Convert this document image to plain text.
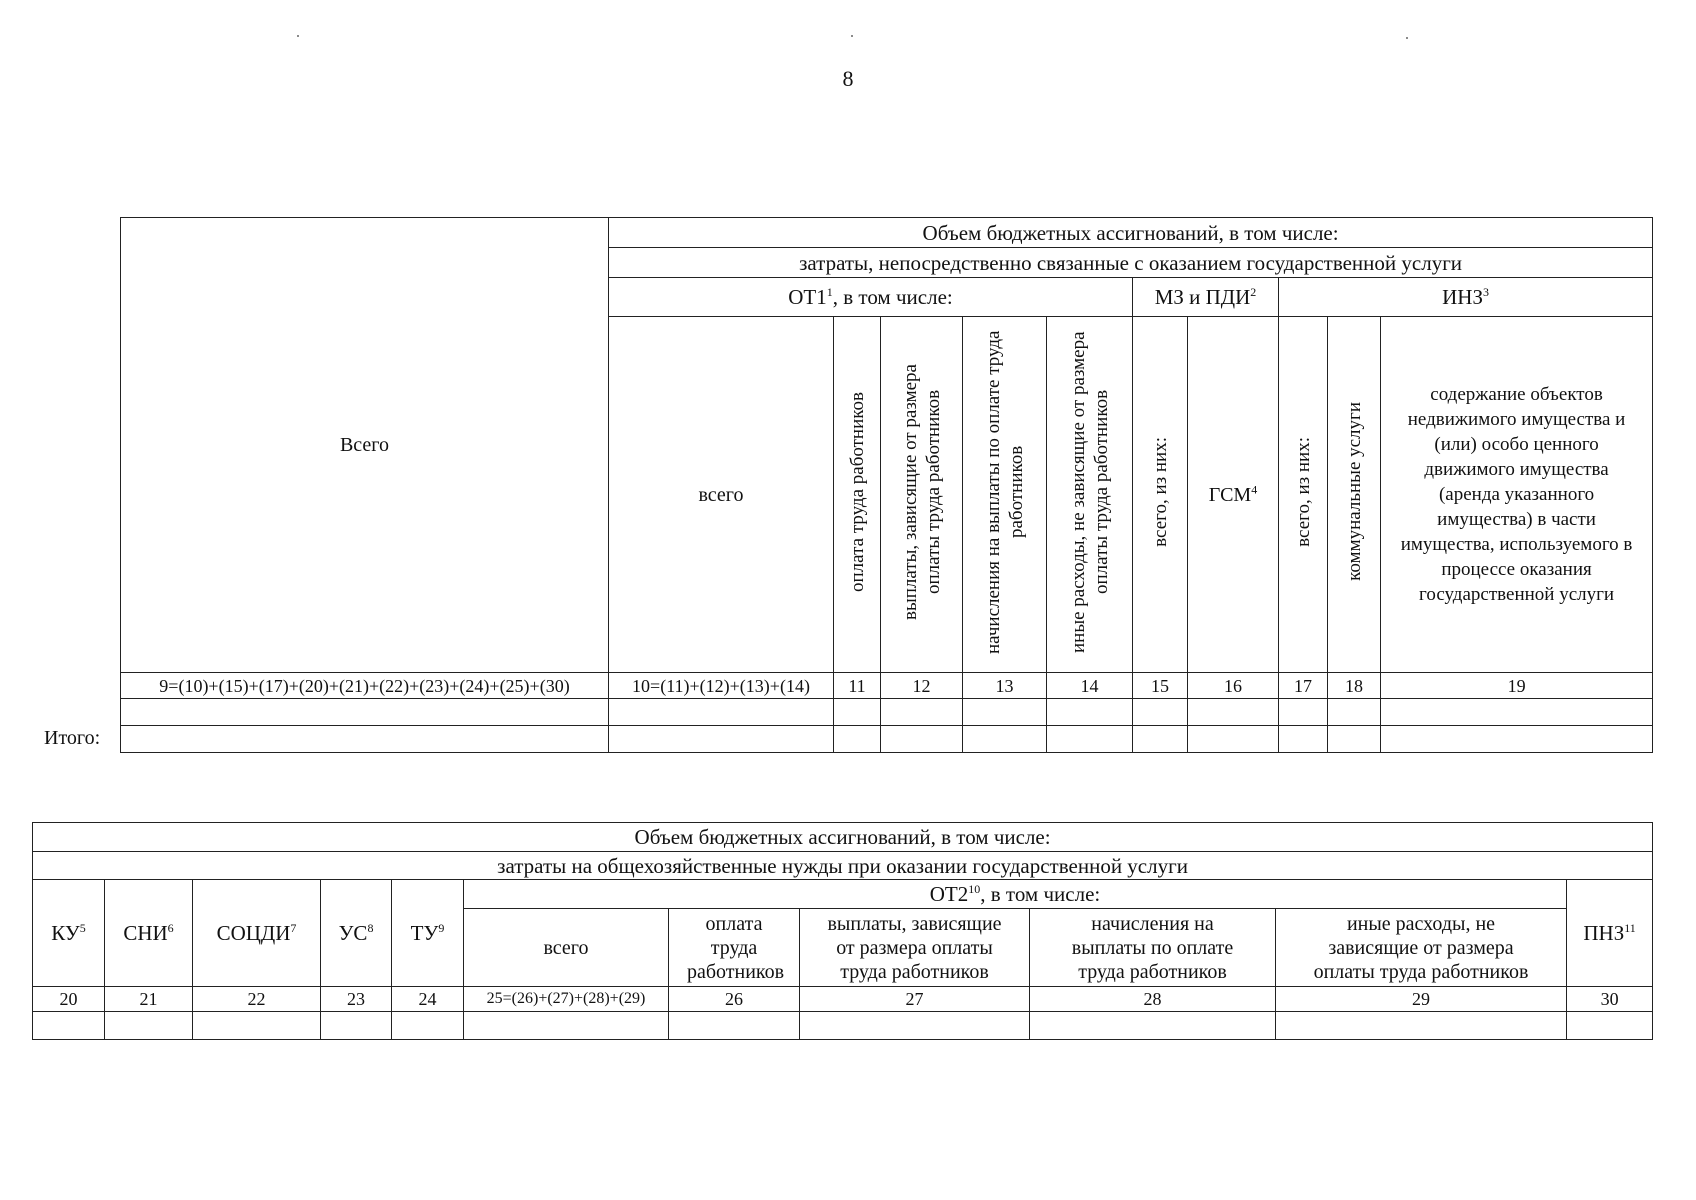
8
Всего	Объем бюджетных ассигнований, в том числе:									
	затраты, непосредственно связанные с оказанием государственной услуги									
	$ОТ1^1$, в том числе:					МЗ и ПДИ$^2$		ИНЗ$^3$
	всего	оплата труда работников	выплаты, зависящие от размера оплаты труда работников	начисления на выплаты по оплате труда работников	иные расходы, не зависящие от размера оплаты труда работников	всего, из них:	ГСМ$^4$	всего, из них:	коммунальные услуги	содержание объектов недвижимого имущества и (или) особо ценного движимого имущества (аренда указанного имущества) в части имущества, используемого в процессе оказания государственной услуги
9=(10)+(15)+(17)+(20)+(21)+(22)+(23)+(24)+(25)+(30)	10=(11)+(12)+(13)+(14)	11	12	13	14	15	16	17	18	19

Итого:
Объем бюджетных ассигнований, в том числе:										
затраты на общехозяйственные нужды при оказании государственной услуги										
$КУ^5$	СНИ$^6$	СОЦДИ$^7$	$УС^8$	$ТУ^9$	$ОТ2^{10}$, в том числе:					ПНЗ$^{11}$
					всего	оплата труда работников	выплаты, зависящие от размера оплаты труда работников	начисления на выплаты по оплате труда работников	иные расходы, не зависящие от размера оплаты труда работников	
20	21	22	23	24	25=(26)+(27)+(28)+(29)	26	27	28	29	30
